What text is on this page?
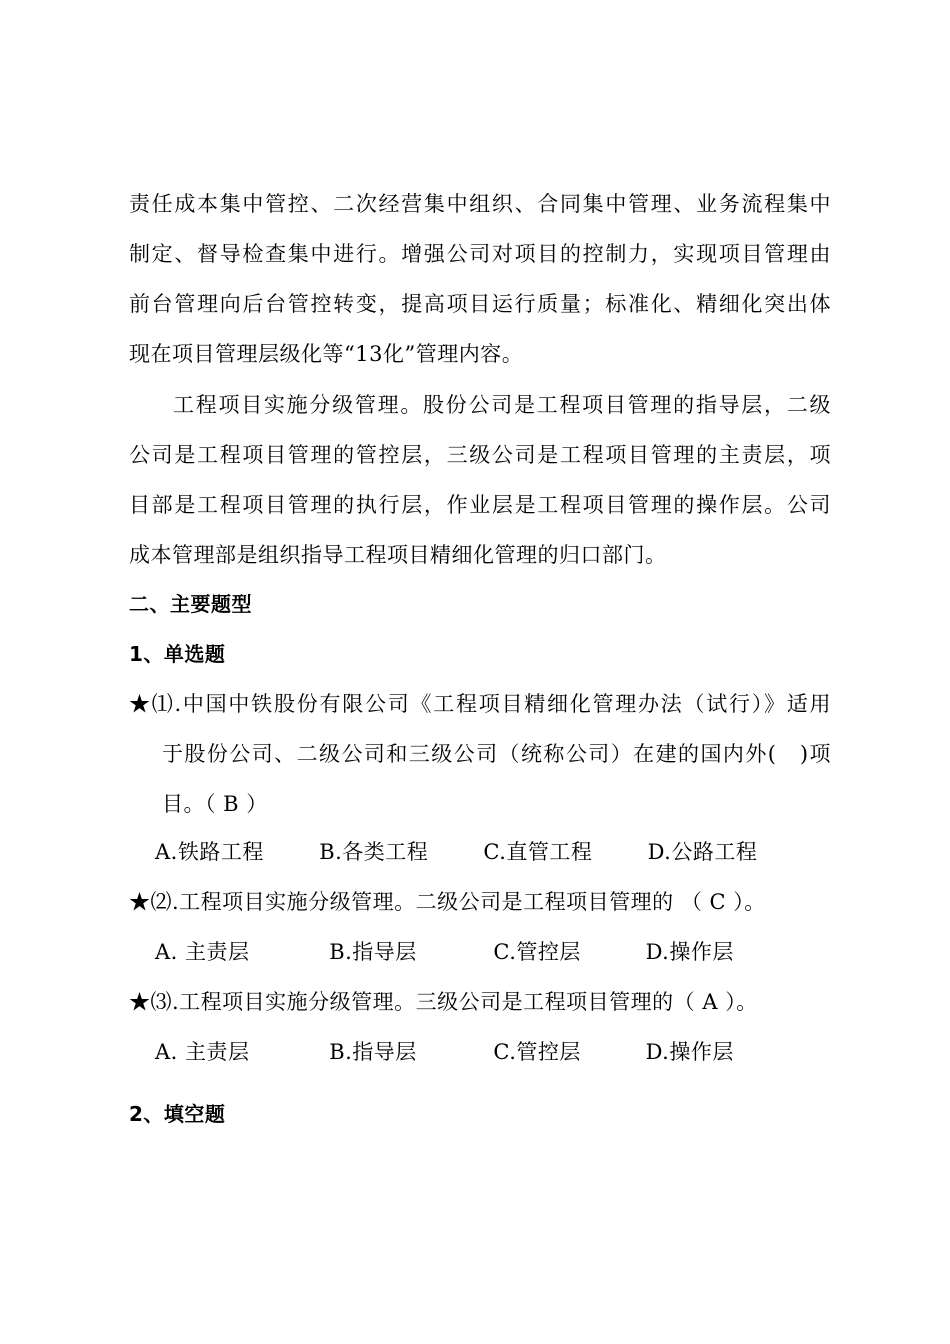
责任成本集中管控、二次经营集中组织、合同集中管理、业务流程集中
制定、督导检查集中进行。增强公司对项目的控制力，实现项目管理由
前台管理向后台管控转变，提高项目运行质量；标准化、精细化突出体
现在项目管理层级化等“13化”管理内容。
工程项目实施分级管理。股份公司是工程项目管理的指导层，二级
公司是工程项目管理的管控层，三级公司是工程项目管理的主责层，项
目部是工程项目管理的执行层，作业层是工程项目管理的操作层。公司
成本管理部是组织指导工程项目精细化管理的归口部门。
二、主要题型
1、单选题
★⑴.中国中铁股份有限公司《工程项目精细化管理办法（试行）》适用
于股份公司、二级公司和三级公司（统称公司）在建的国内外(　)项
目。（ B ）
A.铁路工程	B.各类工程	C.直管工程	D.公路工程
★⑵.工程项目实施分级管理。二级公司是工程项目管理的 （ C ）。
A. 主责层	B.指导层	C.管控层	D.操作层
★⑶.工程项目实施分级管理。三级公司是工程项目管理的（ A ）。
A. 主责层	B.指导层	C.管控层	D.操作层
2、填空题
